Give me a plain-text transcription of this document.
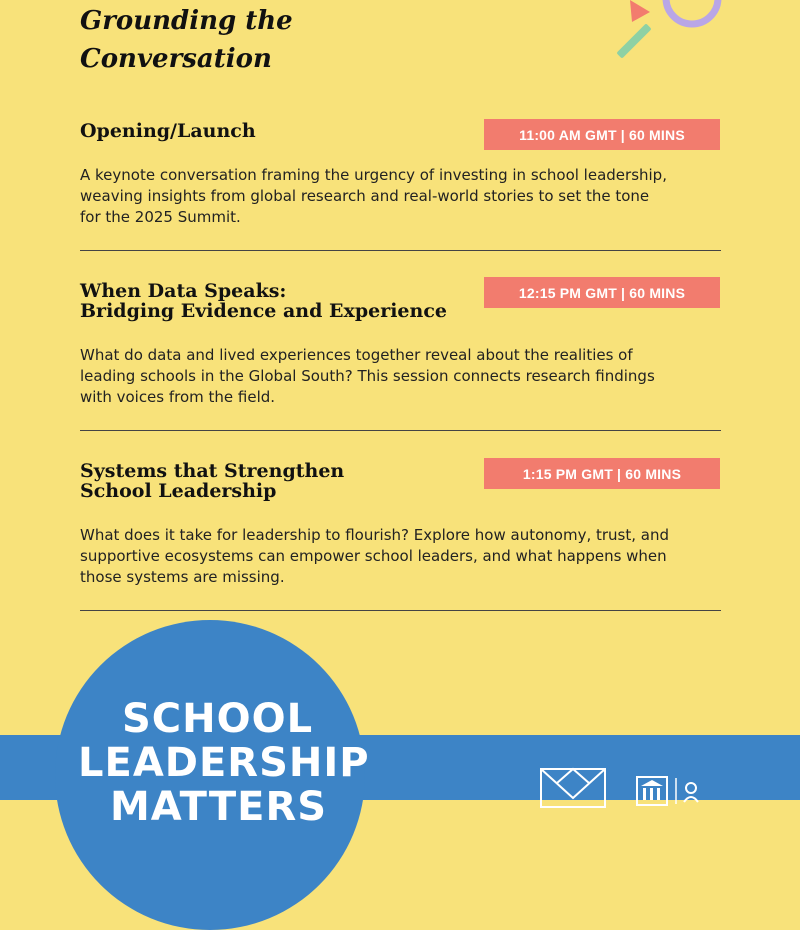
Grounding the
Conversation
Opening/Launch	11:00 AM GMT | 60 MINS

A keynote conversation framing the urgency of investing in school leadership, weaving insights from global research and real-world stories to set the tone for the 2025 Summit.

When Data Speaks:
Bridging Evidence and Experience
12:15 PM GMT | 60 MINS

What do data and lived experiences together reveal about the realities of leading schools in the Global South? This session connects research findings with voices from the field.

Systems that Strengthen
School Leadership
1:15 PM GMT | 60 MINS

What does it take for leadership to flourish? Explore how autonomy, trust, and supportive ecosystems can empower school leaders, and what happens when those systems are missing.

SCHOOL
LEADERSHIP
MATTERS
